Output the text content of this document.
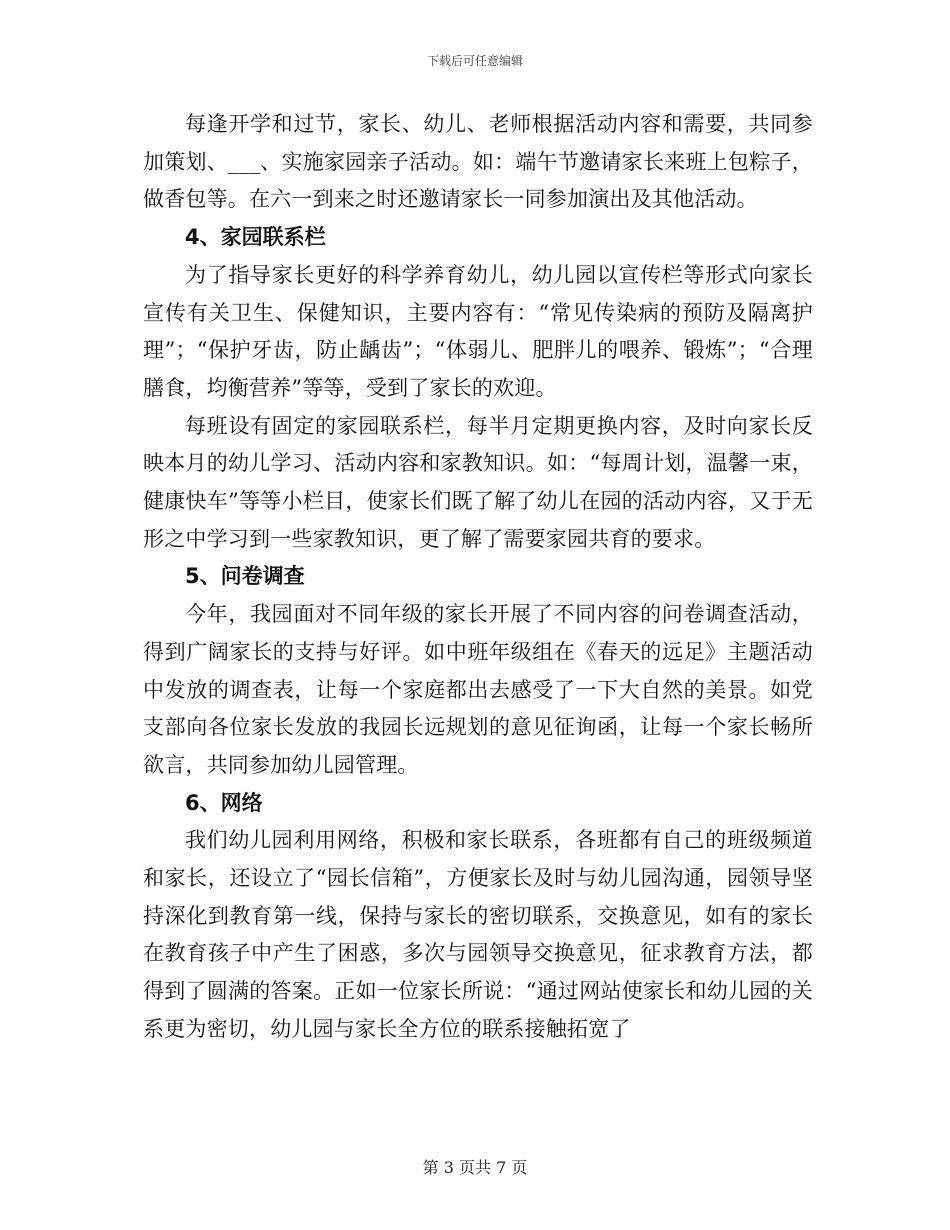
下载后可任意编辑

每逢开学和过节，家长、幼儿、老师根据活动内容和需要，共同参加策划、___、实施家园亲子活动。如：端午节邀请家长来班上包粽子，做香包等。在六一到来之时还邀请家长一同参加演出及其他活动。

4、家园联系栏

为了指导家长更好的科学养育幼儿，幼儿园以宣传栏等形式向家长宣传有关卫生、保健知识，主要内容有：“常见传染病的预防及隔离护理”；“保护牙齿，防止龋齿”；“体弱儿、肥胖儿的喂养、锻炼”；“合理膳食，均衡营养”等等，受到了家长的欢迎。

每班设有固定的家园联系栏，每半月定期更换内容，及时向家长反映本月的幼儿学习、活动内容和家教知识。如：“每周计划，温馨一束，健康快车”等等小栏目，使家长们既了解了幼儿在园的活动内容，又于无形之中学习到一些家教知识，更了解了需要家园共育的要求。

5、问卷调查

今年，我园面对不同年级的家长开展了不同内容的问卷调查活动，得到广阔家长的支持与好评。如中班年级组在《春天的远足》主题活动中发放的调查表，让每一个家庭都出去感受了一下大自然的美景。如党支部向各位家长发放的我园长远规划的意见征询函，让每一个家长畅所欲言，共同参加幼儿园管理。

6、网络

我们幼儿园利用网络，积极和家长联系，各班都有自己的班级频道和家长，还设立了“园长信箱”，方便家长及时与幼儿园沟通，园领导坚持深化到教育第一线，保持与家长的密切联系，交换意见，如有的家长在教育孩子中产生了困惑，多次与园领导交换意见，征求教育方法，都得到了圆满的答案。正如一位家长所说：“通过网站使家长和幼儿园的关系更为密切，幼儿园与家长全方位的联系接触拓宽了

第 3 页共 7 页
